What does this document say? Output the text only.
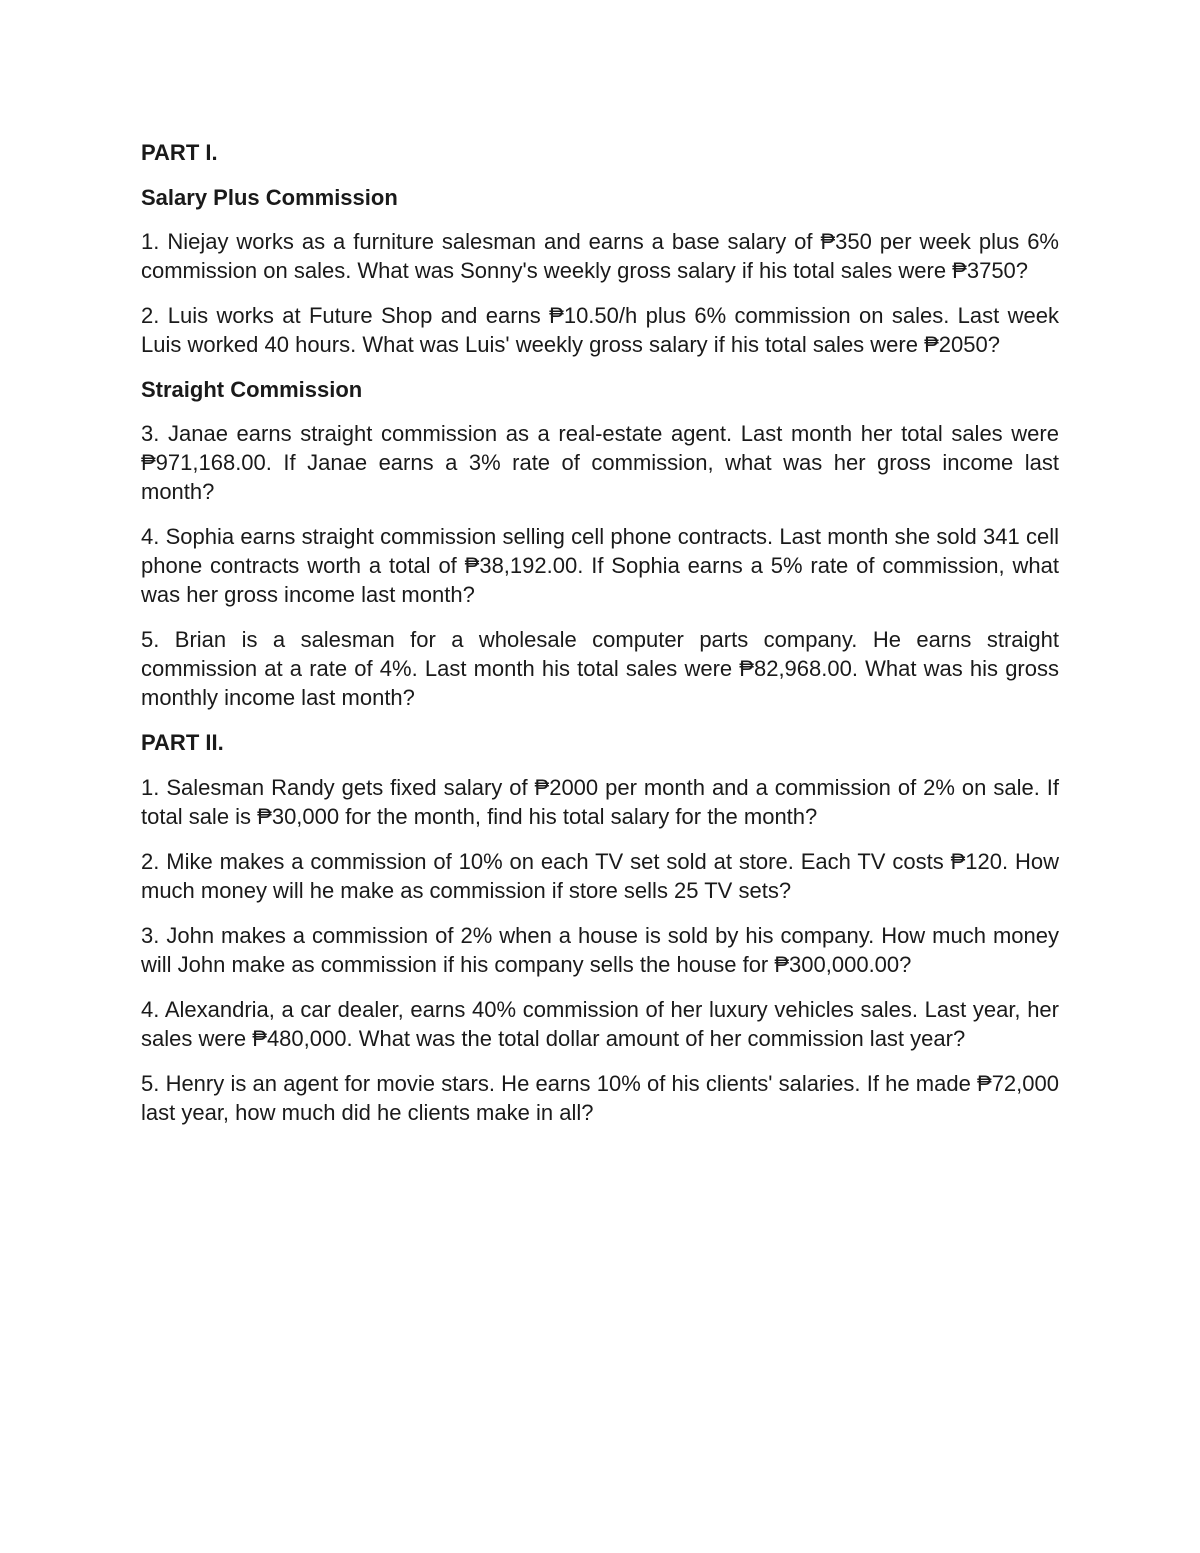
PART I.
Salary Plus Commission
1. Niejay works as a furniture salesman and earns a base salary of ₱350 per week plus 6% commission on sales. What was Sonny's weekly gross salary if his total sales were ₱3750?
2. Luis works at Future Shop and earns ₱10.50/h plus 6% commission on sales. Last week Luis worked 40 hours. What was Luis' weekly gross salary if his total sales were ₱2050?
Straight Commission
3. Janae earns straight commission as a real-estate agent. Last month her total sales were ₱971,168.00. If Janae earns a 3% rate of commission, what was her gross income last month?
4. Sophia earns straight commission selling cell phone contracts. Last month she sold 341 cell phone contracts worth a total of ₱38,192.00. If Sophia earns a 5% rate of commission, what was her gross income last month?
5. Brian is a salesman for a wholesale computer parts company. He earns straight commission at a rate of 4%. Last month his total sales were ₱82,968.00. What was his gross monthly income last month?
PART II.
1. Salesman Randy gets fixed salary of ₱2000 per month and a commission of 2% on sale. If total sale is ₱30,000 for the month, find his total salary for the month?
2. Mike makes a commission of 10% on each TV set sold at store. Each TV costs ₱120. How much money will he make as commission if store sells 25 TV sets?
3. John makes a commission of 2% when a house is sold by his company. How much money will John make as commission if his company sells the house for ₱300,000.00?
4. Alexandria, a car dealer, earns 40% commission of her luxury vehicles sales. Last year, her sales were ₱480,000. What was the total dollar amount of her commission last year?
5. Henry is an agent for movie stars. He earns 10% of his clients' salaries. If he made ₱72,000 last year, how much did he clients make in all?
